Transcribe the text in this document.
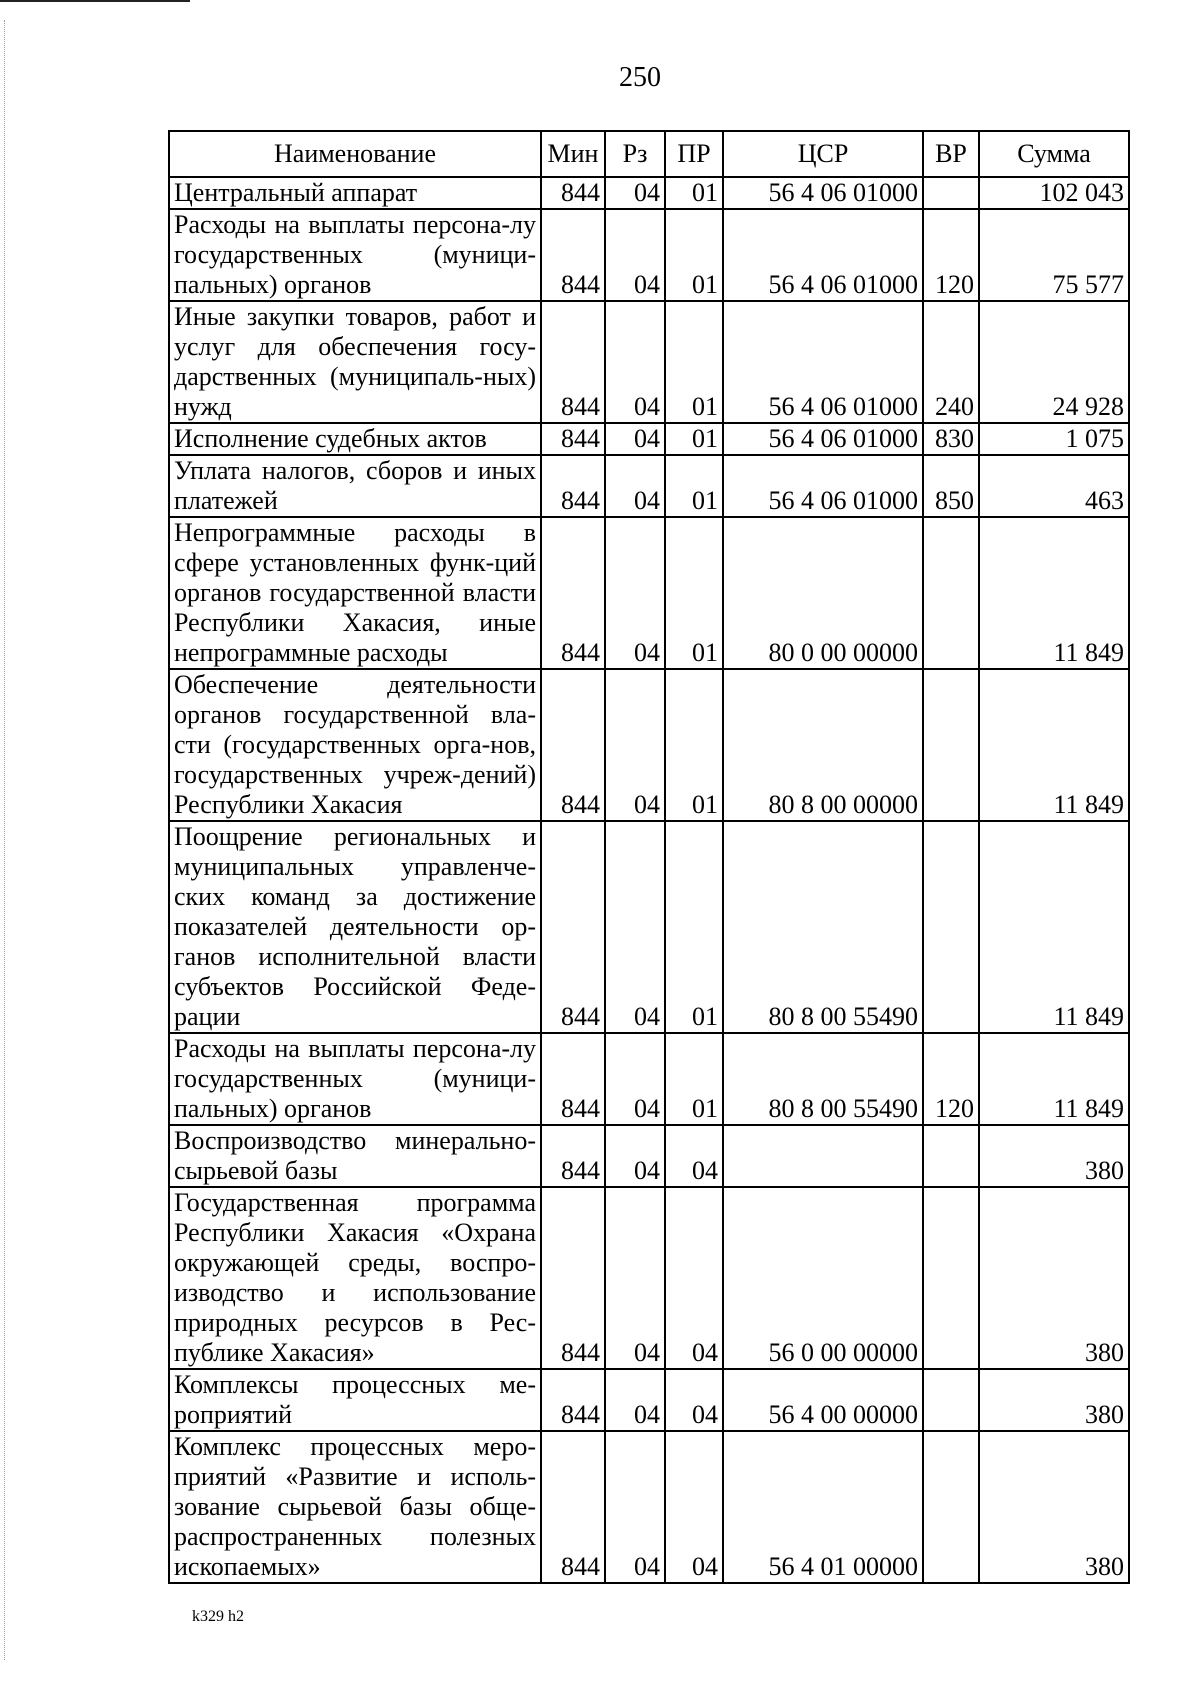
250
Наименование	Мин	Рз	ПР	ЦСР	ВР	Сумма
Центральный аппарат	844	04	01	56 4 06 01000		102 043
Расходы на выплаты персона-лу государственных (муници-пальных) органов	844	04	01	56 4 06 01000	120	75 577
Иные закупки товаров, работ и услуг для обеспечения госу-дарственных (муниципаль-ных) нужд	844	04	01	56 4 06 01000	240	24 928
Исполнение судебных актов	844	04	01	56 4 06 01000	830	1 075
Уплата налогов, сборов и иных платежей	844	04	01	56 4 06 01000	850	463
Непрограммные расходы в сфере установленных функ-ций органов государственной власти Республики Хакасия, иные непрограммные расходы	844	04	01	80 0 00 00000		11 849
Обеспечение деятельности органов государственной вла-сти (государственных орга-нов, государственных учреж-дений) Республики Хакасия	844	04	01	80 8 00 00000		11 849
Поощрение региональных и муниципальных управленче-ских команд за достижение показателей деятельности ор-ганов исполнительной власти субъектов Российской Феде-рации	844	04	01	80 8 00 55490		11 849
Расходы на выплаты персона-лу государственных (муници-пальных) органов	844	04	01	80 8 00 55490	120	11 849
Воспроизводство минерально-сырьевой базы	844	04	04			380
Государственная программа Республики Хакасия «Охрана окружающей среды, воспро-изводство и использование природных ресурсов в Рес-публике Хакасия»	844	04	04	56 0 00 00000		380
Комплексы процессных ме-роприятий	844	04	04	56 4 00 00000		380
Комплекс процессных меро-приятий «Развитие и исполь-зование сырьевой базы обще-распространенных полезных ископаемых»	844	04	04	56 4 01 00000		380
k329 h2
